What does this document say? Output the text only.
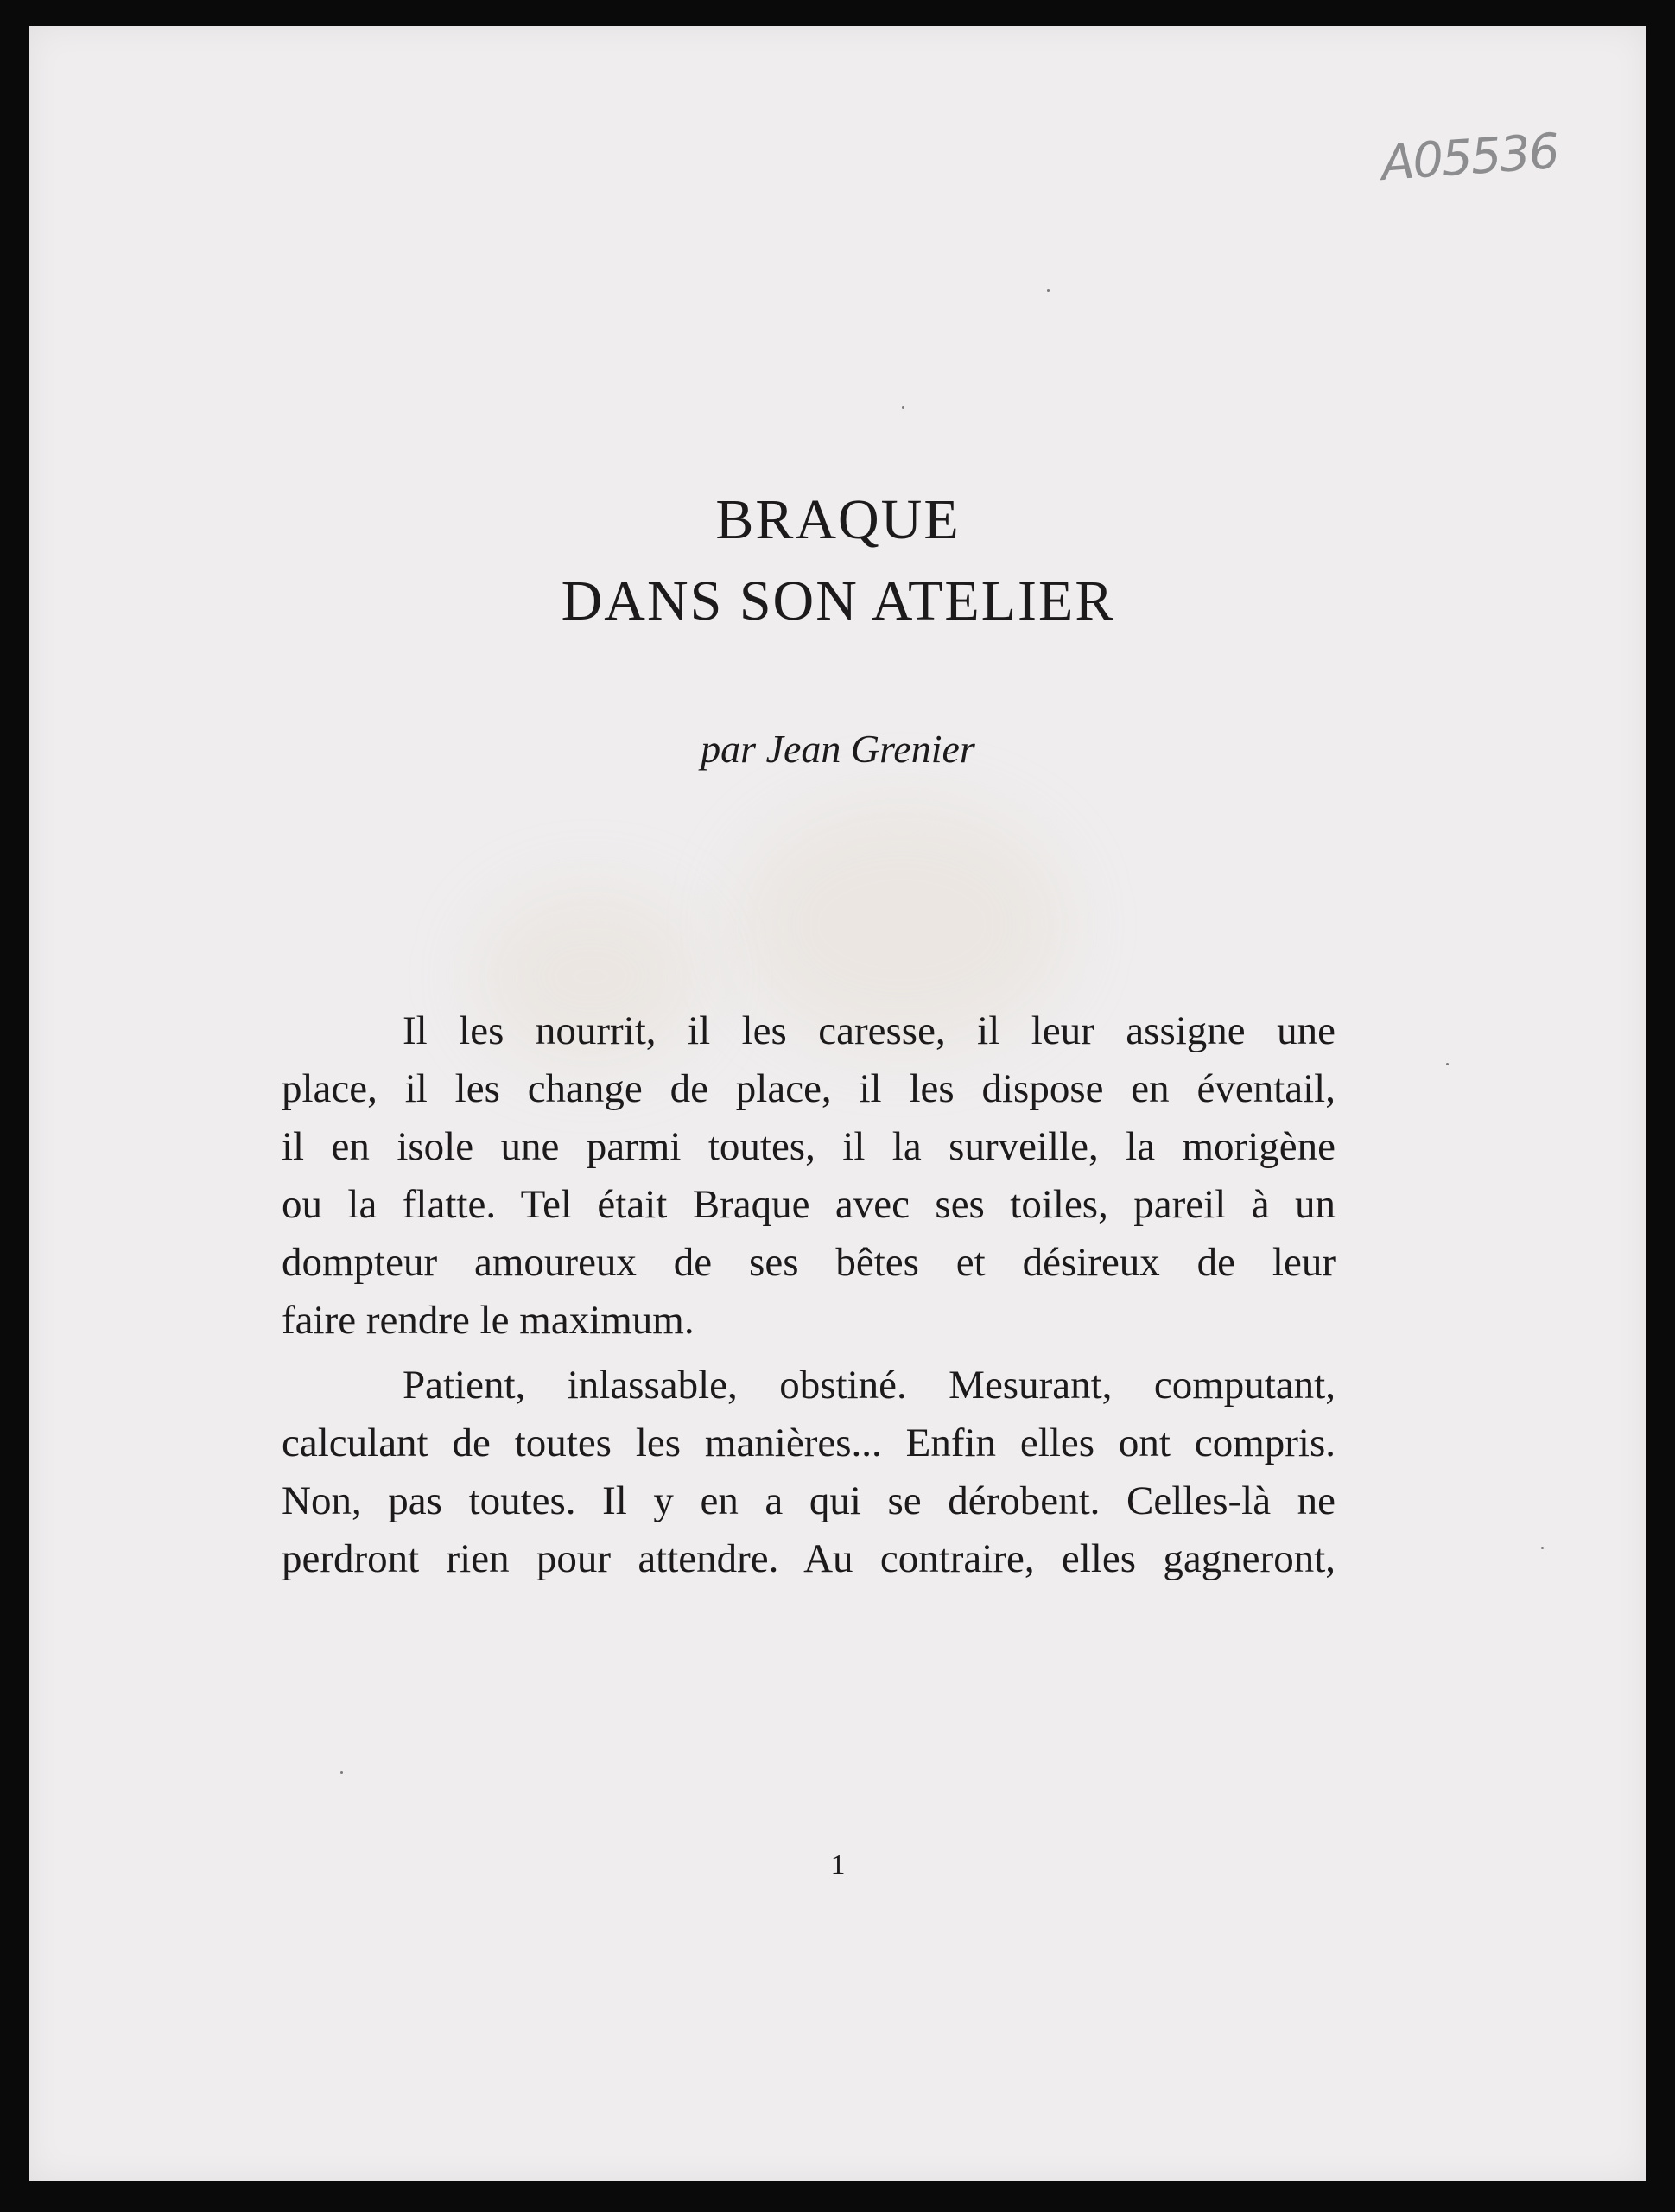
A05536
BRAQUE
DANS SON ATELIER
par Jean Grenier
Il les nourrit, il les caresse, il leur assigne une
place, il les change de place, il les dispose en éventail,
il en isole une parmi toutes, il la surveille, la morigène
ou la flatte. Tel était Braque avec ses toiles, pareil à un
dompteur amoureux de ses bêtes et désireux de leur
faire rendre le maximum.
Patient, inlassable, obstiné. Mesurant, computant,
calculant de toutes les manières... Enfin elles ont compris.
Non, pas toutes. Il y en a qui se dérobent. Celles-là ne
perdront rien pour attendre. Au contraire, elles gagneront,
1
